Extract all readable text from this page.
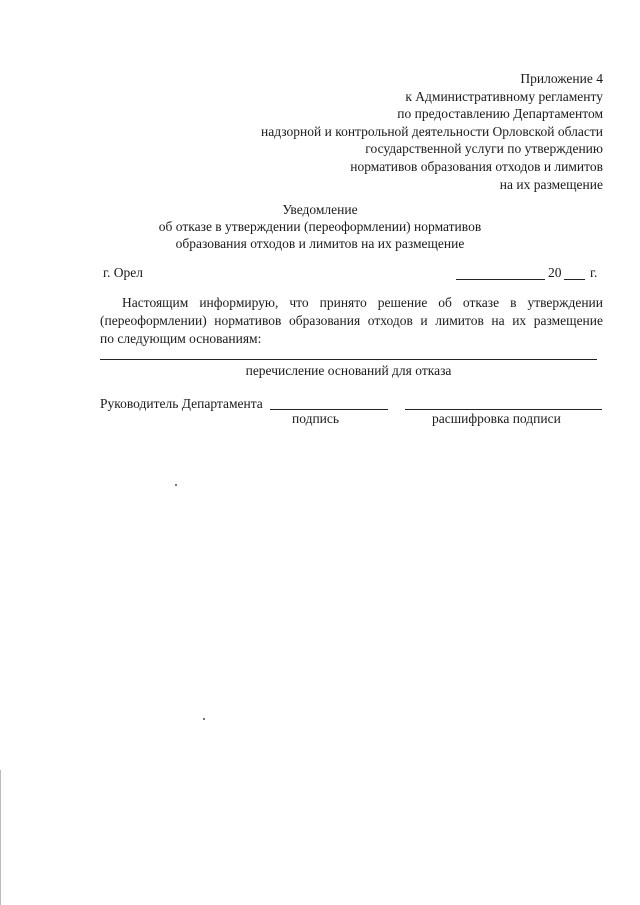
Приложение 4
к Административному регламенту
по предоставлению Департаментом
надзорной и контрольной деятельности Орловской области
государственной услуги по утверждению
нормативов образования отходов и лимитов
на их размещение
Уведомление
об отказе в утверждении (переоформлении) нормативов
образования отходов и лимитов на их размещение
г. Орел	20 г.
Настоящим информирую, что принято решение об отказе в утверждении
(переоформлении) нормативов образования отходов и лимитов на их размещение
по следующим основаниям:
перечисление оснований для отказа
Руководитель Департамента
подпись	расшифровка подписи
